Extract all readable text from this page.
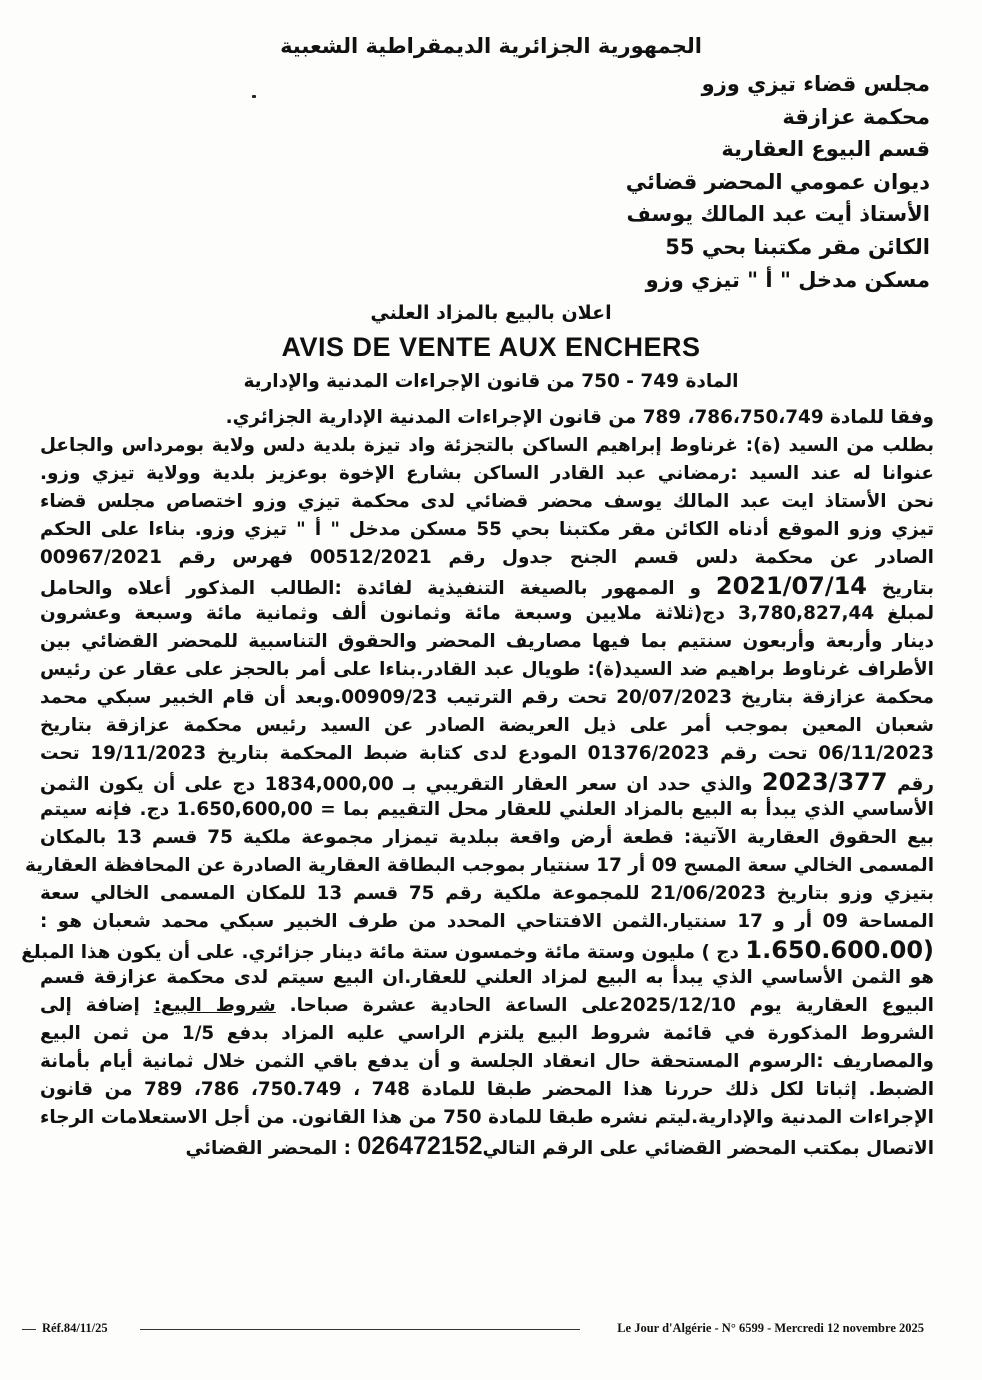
الجمهورية الجزائرية الديمقراطية الشعبية
مجلس قضاء تيزي وزو
محكمة عزازقة
قسم البيوع العقارية
ديوان عمومي المحضر قضائي
الأستاذ أيت عبد المالك يوسف
الكائن مقر مكتبنا بحي 55
مسكن مدخل " أ " تيزي وزو
اعلان بالبيع بالمزاد العلني
AVIS DE VENTE AUX ENCHERS
المادة 749 - 750 من قانون الإجراءات المدنية والإدارية
وفقا للمادة 786،750،749، 789 من قانون الإجراءات المدنية الإدارية الجزائري.
بطلب من السيد (ة): غرناوط إبراهيم الساكن بالتجزئة واد تيزة بلدية دلس ولاية بومرداس والجاعل
عنوانا له عند السيد :رمضاني عبد القادر الساكن بشارع الإخوة بوعزيز بلدية وولاية تيزي وزو.
نحن الأستاذ ايت عبد المالك يوسف محضر قضائي لدى محكمة تيزي وزو اختصاص مجلس قضاء
تيزي وزو الموقع أدناه الكائن مقر مكتبنا بحي 55 مسكن مدخل " أ " تيزي وزو. بناءا على الحكم
الصادر عن محكمة دلس قسم الجنح جدول رقم 00512/2021 فهرس رقم 00967/2021
بتاريخ 2021/07/14 و الممهور بالصيغة التنفيذية لفائدة :الطالب المذكور أعلاه والحامل
لمبلغ 3,780,827,44 دج(ثلاثة ملايين وسبعة مائة وثمانون ألف وثمانية مائة وسبعة وعشرون
دينار وأربعة وأربعون سنتيم بما فيها مصاريف المحضر والحقوق التناسبية للمحضر القضائي بين
الأطراف غرناوط براهيم ضد السيد(ة): طويال عبد القادر.بناءا على أمر بالحجز على عقار عن رئيس
محكمة عزازقة بتاريخ 20/07/2023 تحت رقم الترتيب 00909/23.وبعد أن قام الخبير سبكي محمد
شعبان المعين بموجب أمر على ذيل العريضة الصادر عن السيد رئيس محكمة عزازقة بتاريخ
06/11/2023 تحت رقم 01376/2023 المودع لدى كتابة ضبط المحكمة بتاريخ 19/11/2023 تحت
رقم 2023/377 والذي حدد ان سعر العقار التقريبي بـ 1834,000,00 دج على أن يكون الثمن
الأساسي الذي يبدأ به البيع بالمزاد العلني للعقار محل التقييم بما = 1.650,600,00 دج. فإنه سيتم
بيع الحقوق العقارية الآتية: قطعة أرض واقعة ببلدية تيمزار مجموعة ملكية 75 قسم 13 بالمكان
المسمى الخالي سعة المسح 09 أر 17 سنتيار بموجب البطاقة العقارية الصادرة عن المحافظة العقارية
بتيزي وزو بتاريخ 21/06/2023 للمجموعة ملكية رقم 75 قسم 13 للمكان المسمى الخالي سعة
المساحة 09 أر و 17 سنتيار.الثمن الافتتاحي المحدد من طرف الخبير سبكي محمد شعبان هو :
(1.650.600.00 دج ) مليون وستة مائة وخمسون ستة مائة دينار جزائري. على أن يكون هذا المبلغ
هو الثمن الأساسي الذي يبدأ به البيع لمزاد العلني للعقار.ان البيع سيتم لدى محكمة عزازقة قسم
البيوع العقارية يوم 2025/12/10على الساعة الحادية عشرة صباحا. شروط البيع: إضافة إلى
الشروط المذكورة في قائمة شروط البيع يلتزم الراسي عليه المزاد بدفع 1/5 من ثمن البيع
والمصاريف :الرسوم المستحقة حال انعقاد الجلسة و أن يدفع باقي الثمن خلال ثمانية أيام بأمانة
الضبط. إثباتا لكل ذلك حررنا هذا المحضر طبقا للمادة 748 ، 750.749، 786، 789 من قانون
الإجراءات المدنية والإدارية.ليتم نشره طبقا للمادة 750 من هذا القانون. من أجل الاستعلامات الرجاء
الاتصال بمكتب المحضر القضائي على الرقم التالي026472152 : المحضر القضائي
Réf.84/11/25	Le Jour d'Algérie - N° 6599 - Mercredi 12 novembre 2025
